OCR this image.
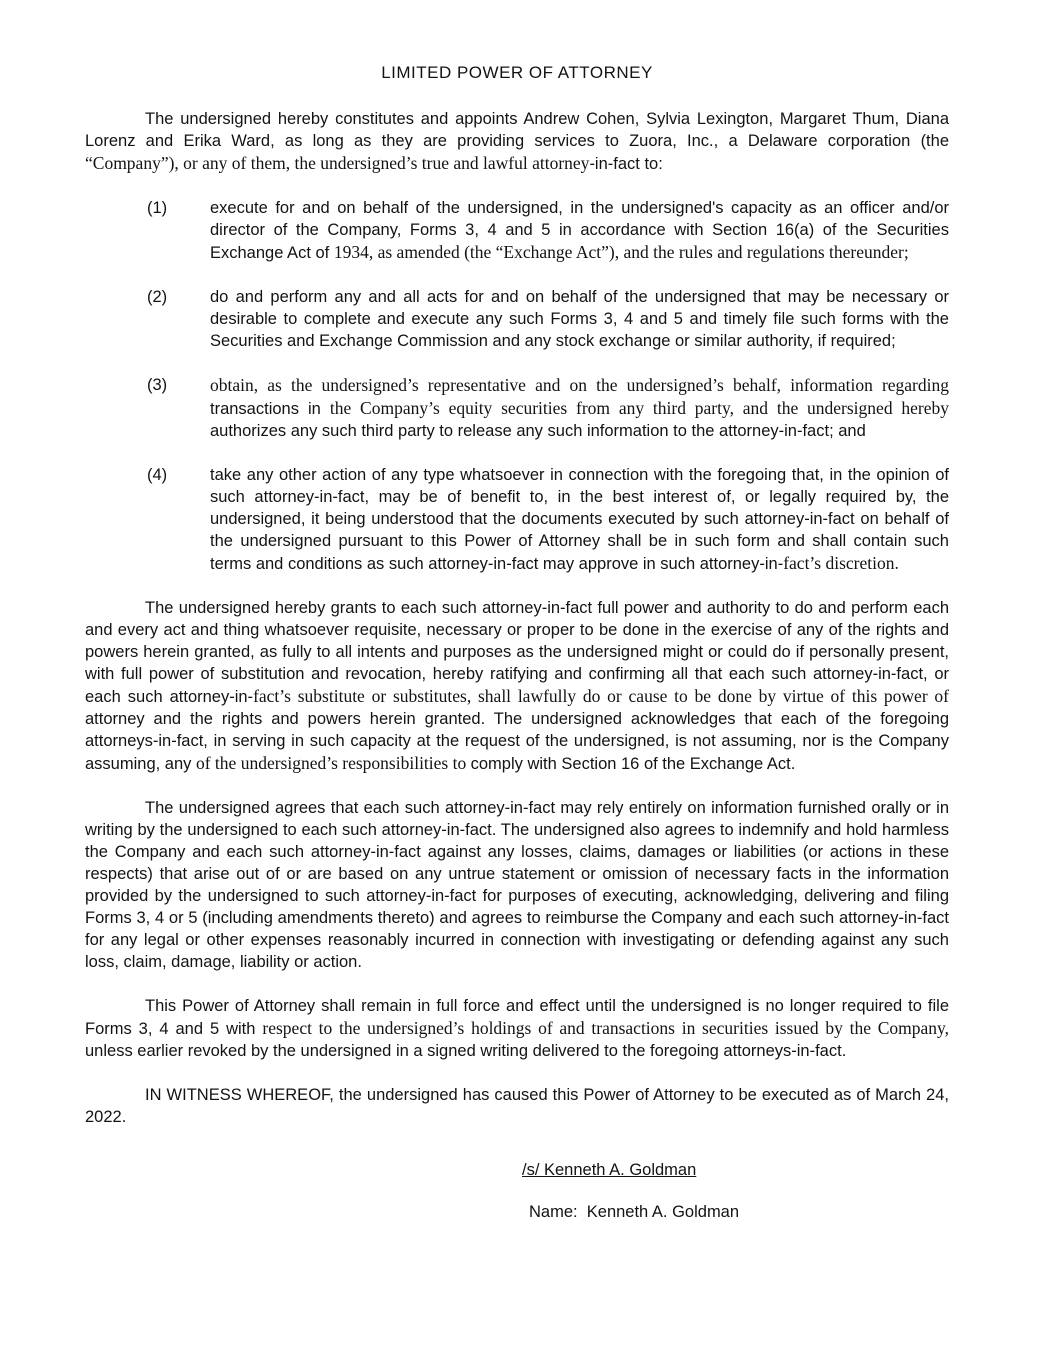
LIMITED POWER OF ATTORNEY
The undersigned hereby constitutes and appoints Andrew Cohen, Sylvia Lexington, Margaret Thum, Diana Lorenz and Erika Ward, as long as they are providing services to Zuora, Inc., a Delaware corporation (the “Company”), or any of them, the undersigned’s true and lawful attorney-in-fact to:
(1)	execute for and on behalf of the undersigned, in the undersigned's capacity as an officer and/or director of the Company, Forms 3, 4 and 5 in accordance with Section 16(a) of the Securities Exchange Act of 1934, as amended (the “Exchange Act”), and the rules and regulations thereunder;
(2)	do and perform any and all acts for and on behalf of the undersigned that may be necessary or desirable to complete and execute any such Forms 3, 4 and 5 and timely file such forms with the Securities and Exchange Commission and any stock exchange or similar authority, if required;
(3) obtain, as the undersigned’s representative and on the undersigned’s behalf, information regarding transactions in the Company’s equity securities from any third party, and the undersigned hereby authorizes any such third party to release any such information to the attorney-in-fact; and
(4)	take any other action of any type whatsoever in connection with the foregoing that, in the opinion of such attorney-in-fact, may be of benefit to, in the best interest of, or legally required by, the undersigned, it being understood that the documents executed by such attorney-in-fact on behalf of the undersigned pursuant to this Power of Attorney shall be in such form and shall contain such terms and conditions as such attorney-in-fact may approve in such attorney-in-fact’s discretion.
The undersigned hereby grants to each such attorney-in-fact full power and authority to do and perform each and every act and thing whatsoever requisite, necessary or proper to be done in the exercise of any of the rights and powers herein granted, as fully to all intents and purposes as the undersigned might or could do if personally present, with full power of substitution and revocation, hereby ratifying and confirming all that each such attorney-in-fact, or each such attorney-in-fact’s substitute or substitutes, shall lawfully do or cause to be done by virtue of this power of attorney and the rights and powers herein granted. The undersigned acknowledges that each of the foregoing attorneys-in-fact, in serving in such capacity at the request of the undersigned, is not assuming, nor is the Company assuming, any of the undersigned’s responsibilities to comply with Section 16 of the Exchange Act.
The undersigned agrees that each such attorney-in-fact may rely entirely on information furnished orally or in writing by the undersigned to each such attorney-in-fact. The undersigned also agrees to indemnify and hold harmless the Company and each such attorney-in-fact against any losses, claims, damages or liabilities (or actions in these respects) that arise out of or are based on any untrue statement or omission of necessary facts in the information provided by the undersigned to such attorney-in-fact for purposes of executing, acknowledging, delivering and filing Forms 3, 4 or 5 (including amendments thereto) and agrees to reimburse the Company and each such attorney-in-fact for any legal or other expenses reasonably incurred in connection with investigating or defending against any such loss, claim, damage, liability or action.
This Power of Attorney shall remain in full force and effect until the undersigned is no longer required to file Forms 3, 4 and 5 with respect to the undersigned’s holdings of and transactions in securities issued by the Company, unless earlier revoked by the undersigned in a signed writing delivered to the foregoing attorneys-in-fact.
IN WITNESS WHEREOF, the undersigned has caused this Power of Attorney to be executed as of March 24, 2022.
/s/ Kenneth A. Goldman
Name:  Kenneth A. Goldman
